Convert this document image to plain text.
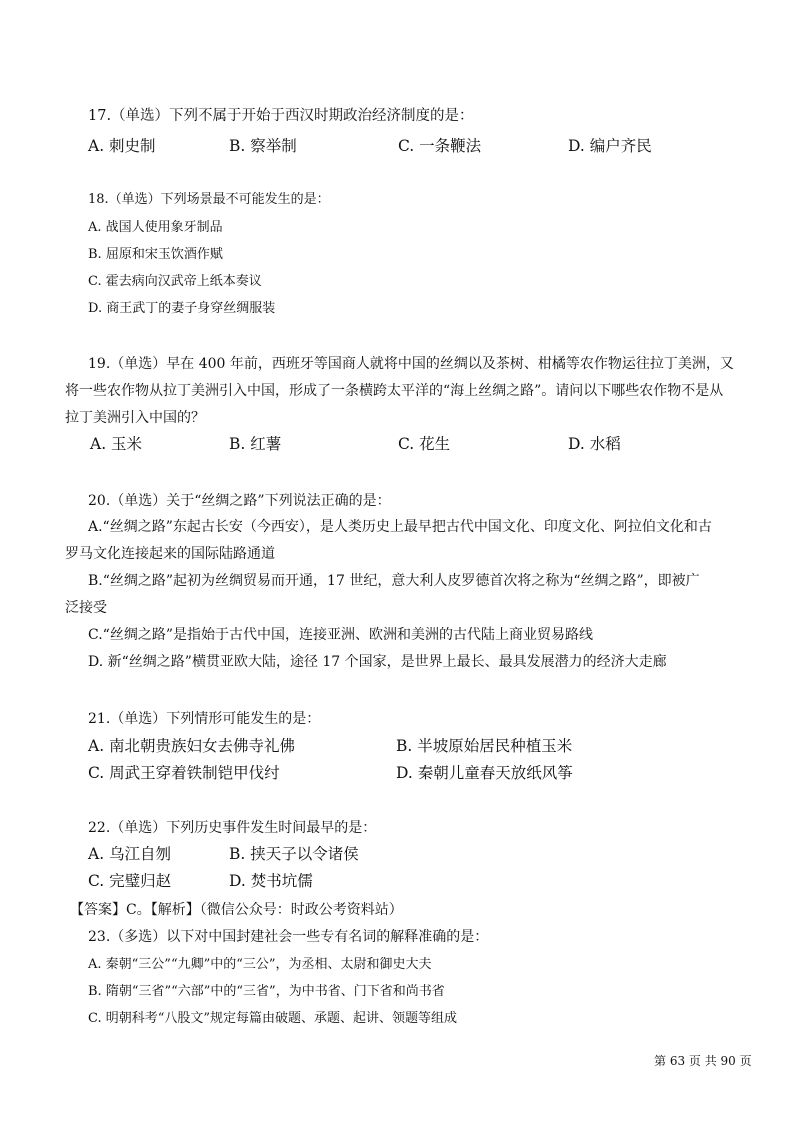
17.（单选）下列不属于开始于西汉时期政治经济制度的是：
A. 刺史制	B. 察举制	C. 一条鞭法	D. 编户齐民
18.（单选）下列场景最不可能发生的是：
A. 战国人使用象牙制品
B. 屈原和宋玉饮酒作赋
C. 霍去病向汉武帝上纸本奏议
D. 商王武丁的妻子身穿丝绸服装
19.（单选）早在 400 年前，西班牙等国商人就将中国的丝绸以及茶树、柑橘等农作物运往拉丁美洲，又
将一些农作物从拉丁美洲引入中国，形成了一条横跨太平洋的“海上丝绸之路”。请问以下哪些农作物不是从
拉丁美洲引入中国的？
A. 玉米	B. 红薯	C. 花生	D. 水稻
20.（单选）关于“丝绸之路”下列说法正确的是：
A.“丝绸之路”东起古长安（今西安），是人类历史上最早把古代中国文化、印度文化、阿拉伯文化和古
罗马文化连接起来的国际陆路通道
B.“丝绸之路”起初为丝绸贸易而开通，17 世纪，意大利人皮罗德首次将之称为“丝绸之路”，即被广
泛接受
C.“丝绸之路”是指始于古代中国，连接亚洲、欧洲和美洲的古代陆上商业贸易路线
D. 新“丝绸之路”横贯亚欧大陆，途径 17 个国家，是世界上最长、最具发展潜力的经济大走廊
21.（单选）下列情形可能发生的是：
A. 南北朝贵族妇女去佛寺礼佛	B. 半坡原始居民种植玉米
C. 周武王穿着铁制铠甲伐纣	D. 秦朝儿童春天放纸风筝
22.（单选）下列历史事件发生时间最早的是：
A. 乌江自刎	B. 挟天子以令诸侯
C. 完璧归赵	D. 焚书坑儒
【答案】C。【解析】（微信公众号：时政公考资料站）
23.（多选）以下对中国封建社会一些专有名词的解释准确的是：
A. 秦朝“三公”“九卿”中的“三公”，为丞相、太尉和御史大夫
B. 隋朝“三省”“六部”中的“三省”，为中书省、门下省和尚书省
C. 明朝科考“八股文”规定每篇由破题、承题、起讲、领题等组成
第 63 页 共 90 页
